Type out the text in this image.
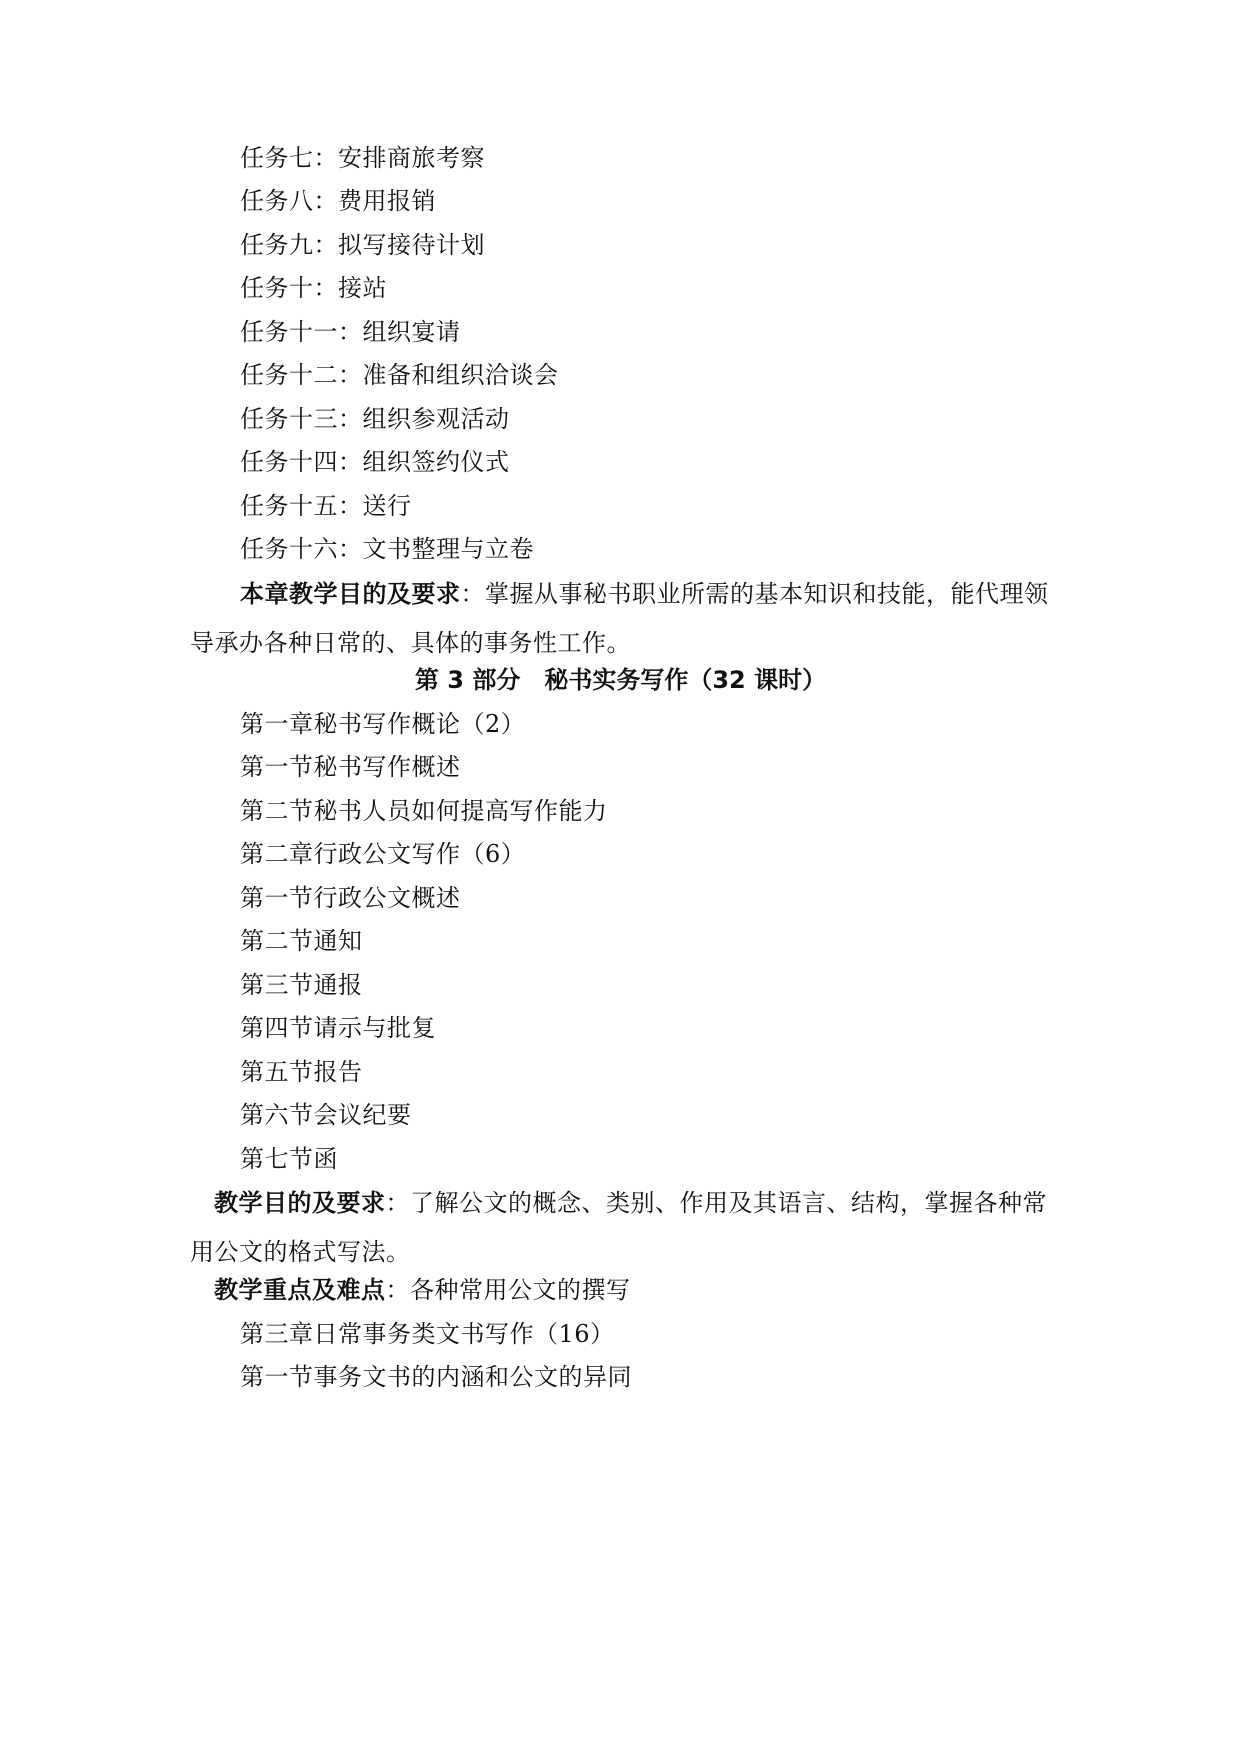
任务七：安排商旅考察
任务八：费用报销
任务九：拟写接待计划
任务十：接站
任务十一：组织宴请
任务十二：准备和组织洽谈会
任务十三：组织参观活动
任务十四：组织签约仪式
任务十五：送行
任务十六：文书整理与立卷
本章教学目的及要求：掌握从事秘书职业所需的基本知识和技能，能代理领导承办各种日常的、具体的事务性工作。
第 3 部分　秘书实务写作（32 课时）
第一章秘书写作概论（2）
第一节秘书写作概述
第二节秘书人员如何提高写作能力
第二章行政公文写作（6）
第一节行政公文概述
第二节通知
第三节通报
第四节请示与批复
第五节报告
第六节会议纪要
第七节函
教学目的及要求：了解公文的概念、类别、作用及其语言、结构，掌握各种常用公文的格式写法。
教学重点及难点：各种常用公文的撰写
第三章日常事务类文书写作（16）
第一节事务文书的内涵和公文的异同
